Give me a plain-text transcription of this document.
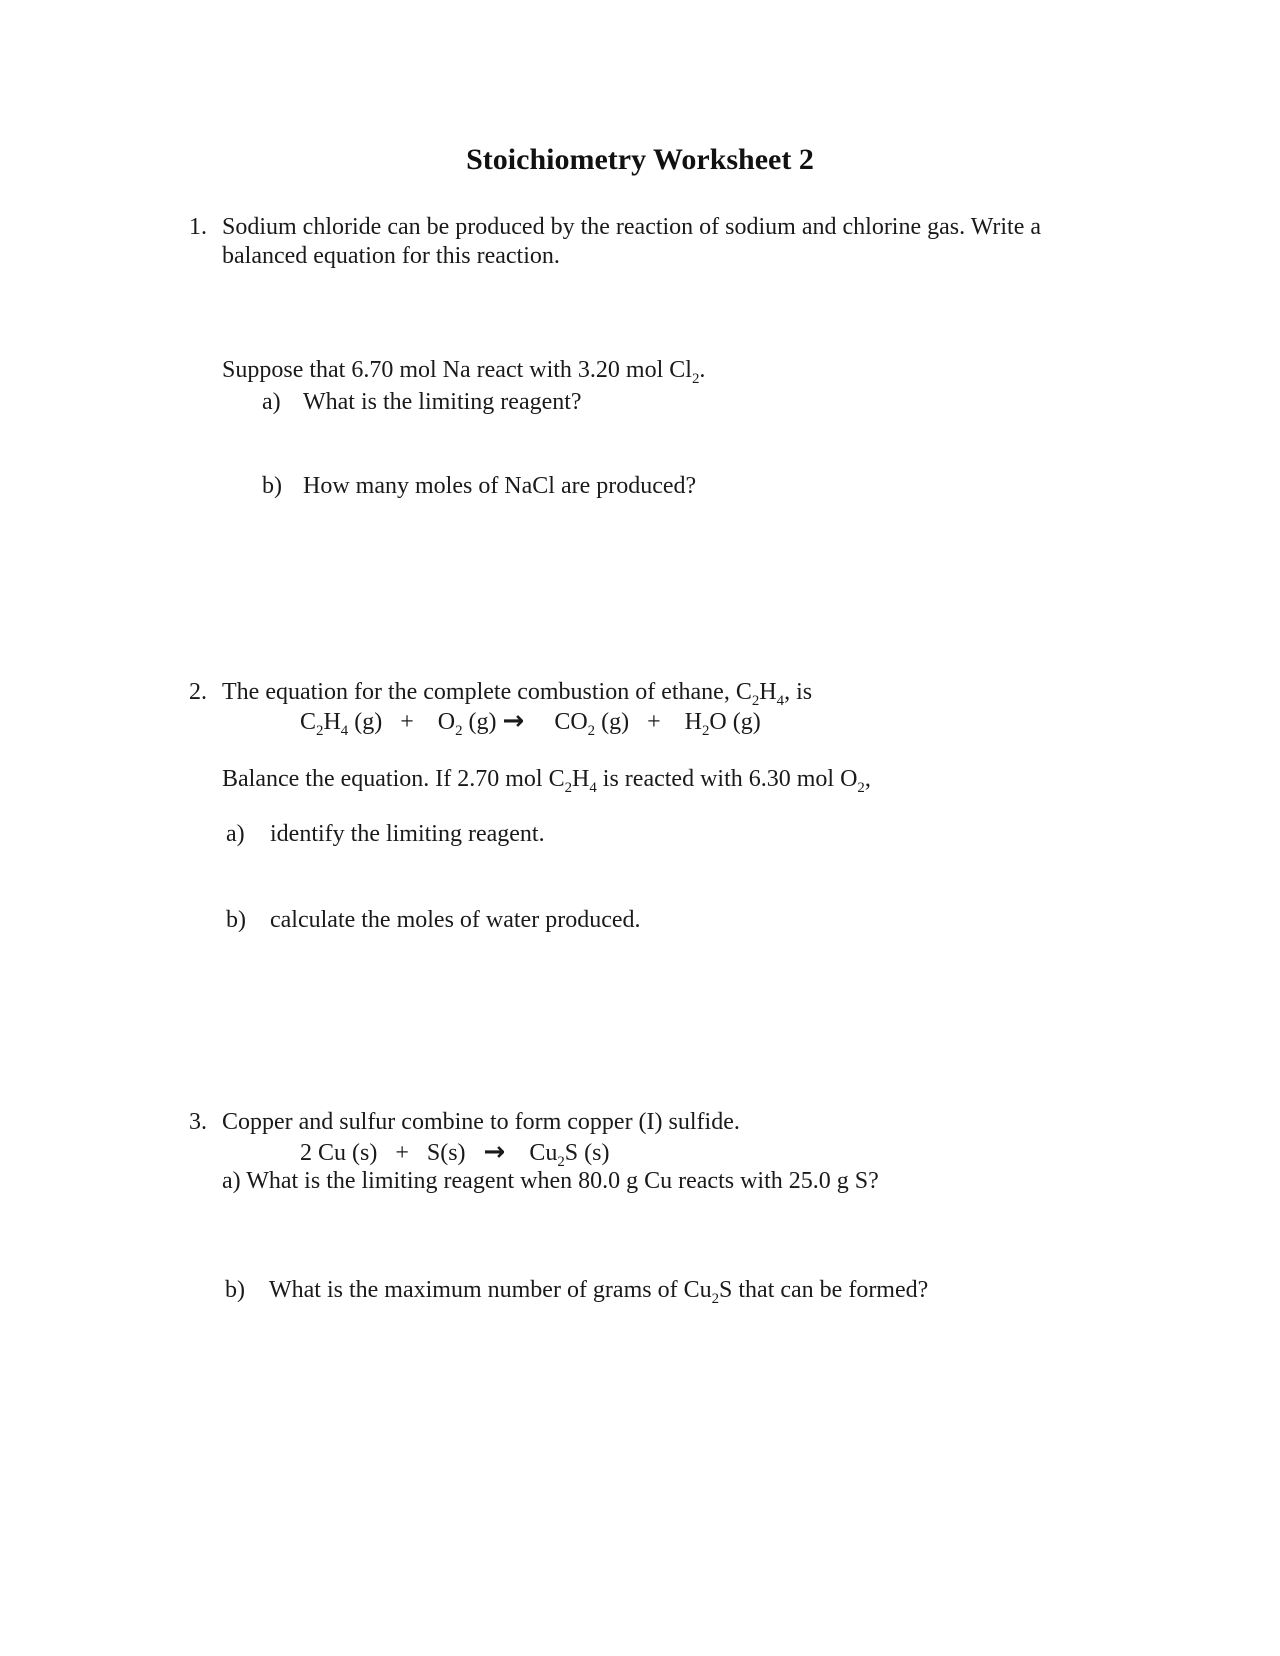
Stoichiometry Worksheet 2
1. Sodium chloride can be produced by the reaction of sodium and chlorine gas. Write a
balanced equation for this reaction.
Suppose that 6.70 mol Na react with 3.20 mol $Cl_2$.
a) What is the limiting reagent?
b) How many moles of NaCl are produced?
2. The equation for the complete combustion of ethane, $C_2H_4$, is
$C_2H_4$ (g)   +    $O_2$ (g) →     $CO_2$ (g)   +    $H_2O$ (g)
Balance the equation. If 2.70 mol $C_2H_4$ is reacted with 6.30 mol $O_2$,
a) identify the limiting reagent.
b) calculate the moles of water produced.
3. Copper and sulfur combine to form copper (I) sulfide.
2 Cu (s)   +   S(s)   →    $Cu_2S$ (s)
a) What is the limiting reagent when 80.0 g Cu reacts with 25.0 g S?
b) What is the maximum number of grams of $Cu_2S$ that can be formed?
